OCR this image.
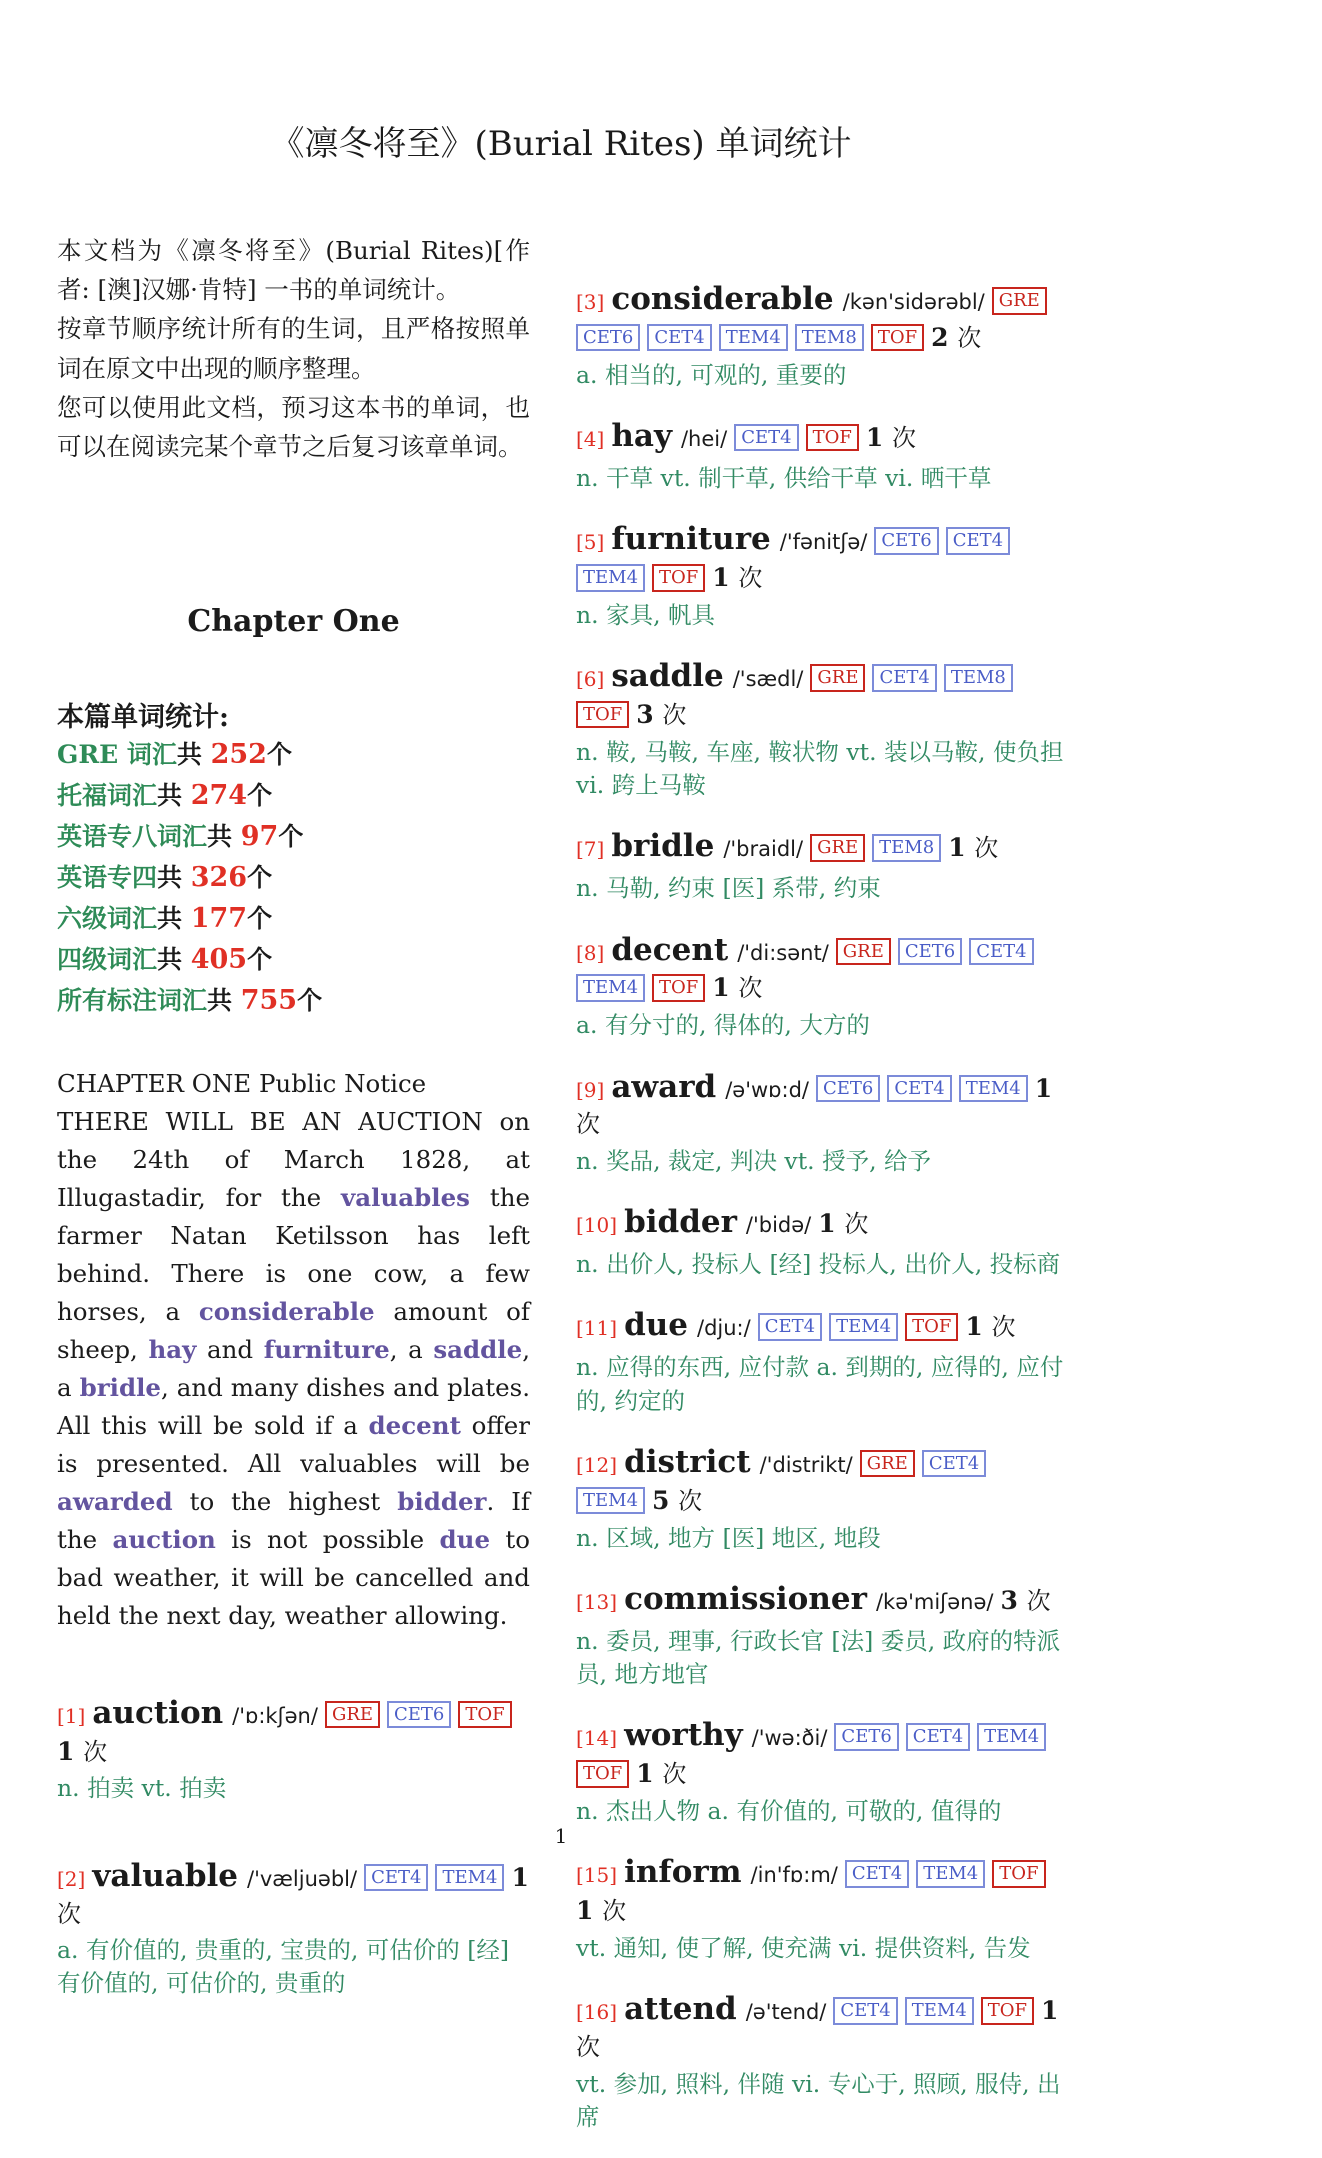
《凛冬将至》(Burial Rites) 单词统计

本文档为《凛冬将至》(Burial Rites)[作者: [澳]汉娜·肯特] 一书的单词统计。

按章节顺序统计所有的生词，且严格按照单词在原文中出现的顺序整理。

您可以使用此文档，预习这本书的单词，也可以在阅读完某个章节之后复习该章单词。

Chapter One
本篇单词统计:
GRE 词汇共 252个
托福词汇共 274个
英语专八词汇共 97个
英语专四共 326个
六级词汇共 177个
四级词汇共 405个
所有标注词汇共 755个
CHAPTER ONE Public Notice
THERE WILL BE AN AUCTION on the 24th of March 1828, at Illugastadir, for the valuables the farmer Natan Ketilsson has left behind. There is one cow, a few horses, a considerable amount of sheep, hay and furniture, a saddle, a bridle, and many dishes and plates. All this will be sold if a decent offer is presented. All valuables will be awarded to the highest bidder. If the auction is not possible due to bad weather, it will be cancelled and held the next day, weather allowing.
[1] auction /'ɒ:kʃən/ GRE CET6 TOF1 次
n. 拍卖 vt. 拍卖
[2] valuable /'væljuəbl/ CET4 TEM4 1 次
a. 有价值的, 贵重的, 宝贵的, 可估价的 [经] 有价值的, 可估价的, 贵重的
[3] considerable /kən'sidərəbl/ GRECET6 CET4 TEM4 TEM8 TOF 2 次
a. 相当的, 可观的, 重要的
[4] hay /hei/ CET4 TOF 1 次
n. 干草 vt. 制干草, 供给干草 vi. 晒干草
[5] furniture /'fənitʃə/ CET6 CET4TEM4 TOF 1 次
n. 家具, 帆具
[6] saddle /'sædl/ GRE CET4 TEM8TOF 3 次
n. 鞍, 马鞍, 车座, 鞍状物 vt. 装以马鞍, 使负担 vi. 跨上马鞍
[7] bridle /'braidl/ GRE TEM8 1 次
n. 马勒, 约束 [医] 系带, 约束
[8] decent /'di:sənt/ GRE CET6 CET4TEM4 TOF 1 次
a. 有分寸的, 得体的, 大方的
[9] award /ə'wɒ:d/ CET6 CET4 TEM4 1 次
n. 奖品, 裁定, 判决 vt. 授予, 给予
[10] bidder /'bidə/ 1 次
n. 出价人, 投标人 [经] 投标人, 出价人, 投标商
[11] due /dju:/ CET4 TEM4 TOF 1 次
n. 应得的东西, 应付款 a. 到期的, 应得的, 应付的, 约定的
[12] district /'distrikt/ GRE CET4TEM4 5 次
n. 区域, 地方 [医] 地区, 地段
[13] commissioner /kə'miʃənə/ 3 次
n. 委员, 理事, 行政长官 [法] 委员, 政府的特派员, 地方地官
[14] worthy /'wə:ði/ CET6 CET4 TEM4TOF 1 次
n. 杰出人物 a. 有价值的, 可敬的, 值得的
[15] inform /in'fɒ:m/ CET4 TEM4 TOF1 次
vt. 通知, 使了解, 使充满 vi. 提供资料, 告发
[16] attend /ə'tend/ CET4 TEM4 TOF 1 次
vt. 参加, 照料, 伴随 vi. 专心于, 照顾, 服侍, 出席
1
